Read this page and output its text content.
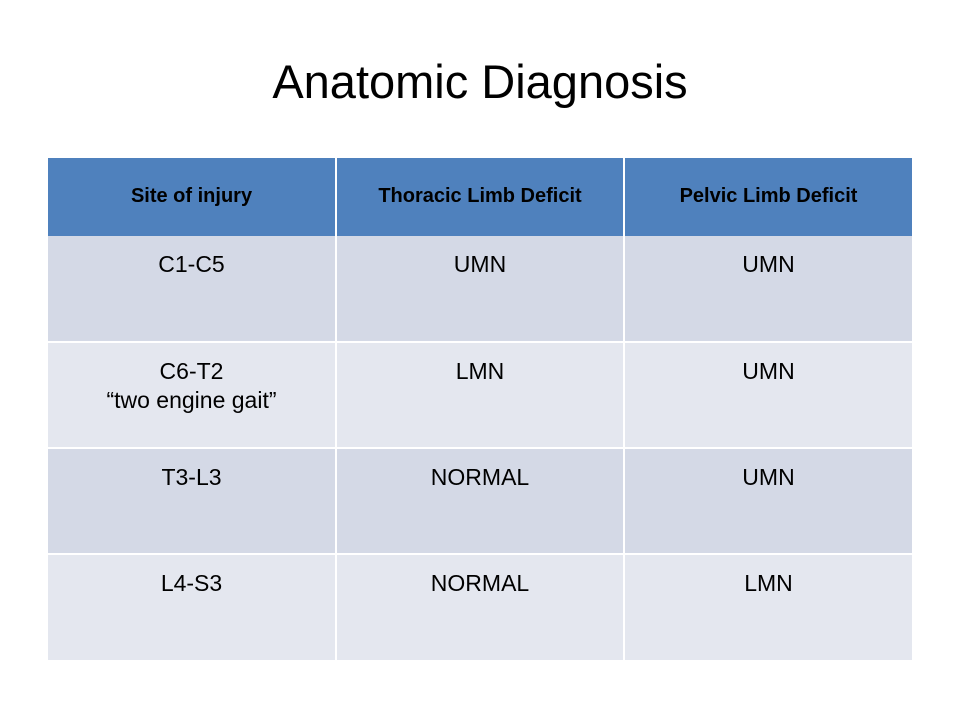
Anatomic Diagnosis
Site of injury	Thoracic Limb Deficit	Pelvic Limb Deficit

C1-C5	UMN	UMN

C6-T2
“two engine gait”	LMN	UMN

T3-L3	NORMAL	UMN

L4-S3	NORMAL	LMN
